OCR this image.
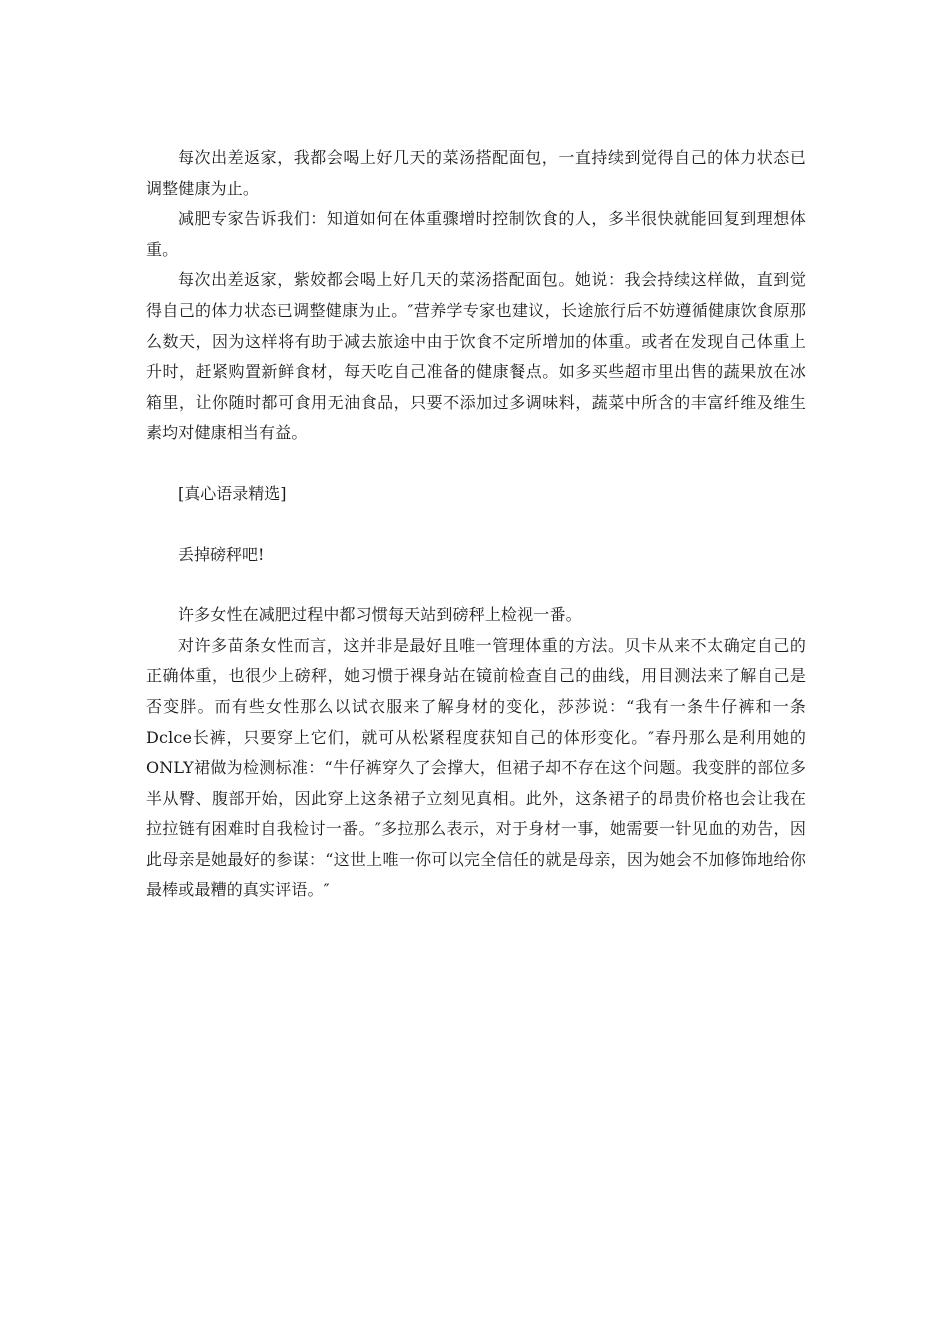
每次出差返家，我都会喝上好几天的菜汤搭配面包，一直持续到觉得自己的体力状态已调整健康为止。

减肥专家告诉我们：知道如何在体重骤增时控制饮食的人，多半很快就能回复到理想体重。

每次出差返家，紫姣都会喝上好几天的菜汤搭配面包。她说：我会持续这样做，直到觉得自己的体力状态已调整健康为止。″营养学专家也建议，长途旅行后不妨遵循健康饮食原那么数天，因为这样将有助于减去旅途中由于饮食不定所增加的体重。或者在发现自己体重上升时，赶紧购置新鲜食材，每天吃自己准备的健康餐点。如多买些超市里出售的蔬果放在冰箱里，让你随时都可食用无油食品，只要不添加过多调味料，蔬菜中所含的丰富纤维及维生素均对健康相当有益。

[真心语录精选]

丢掉磅秤吧!

许多女性在减肥过程中都习惯每天站到磅秤上检视一番。

对许多苗条女性而言，这并非是最好且唯一管理体重的方法。贝卡从来不太确定自己的正确体重，也很少上磅秤，她习惯于裸身站在镜前检查自己的曲线，用目测法来了解自己是否变胖。而有些女性那么以试衣服来了解身材的变化，莎莎说：“我有一条牛仔裤和一条Dclce长裤，只要穿上它们，就可从松紧程度获知自己的体形变化。″春丹那么是利用她的ONLY裙做为检测标准：“牛仔裤穿久了会撑大，但裙子却不存在这个问题。我变胖的部位多半从臀、腹部开始，因此穿上这条裙子立刻见真相。此外，这条裙子的昂贵价格也会让我在拉拉链有困难时自我检讨一番。″多拉那么表示，对于身材一事，她需要一针见血的劝告，因此母亲是她最好的参谋：“这世上唯一你可以完全信任的就是母亲，因为她会不加修饰地给你最棒或最糟的真实评语。″
